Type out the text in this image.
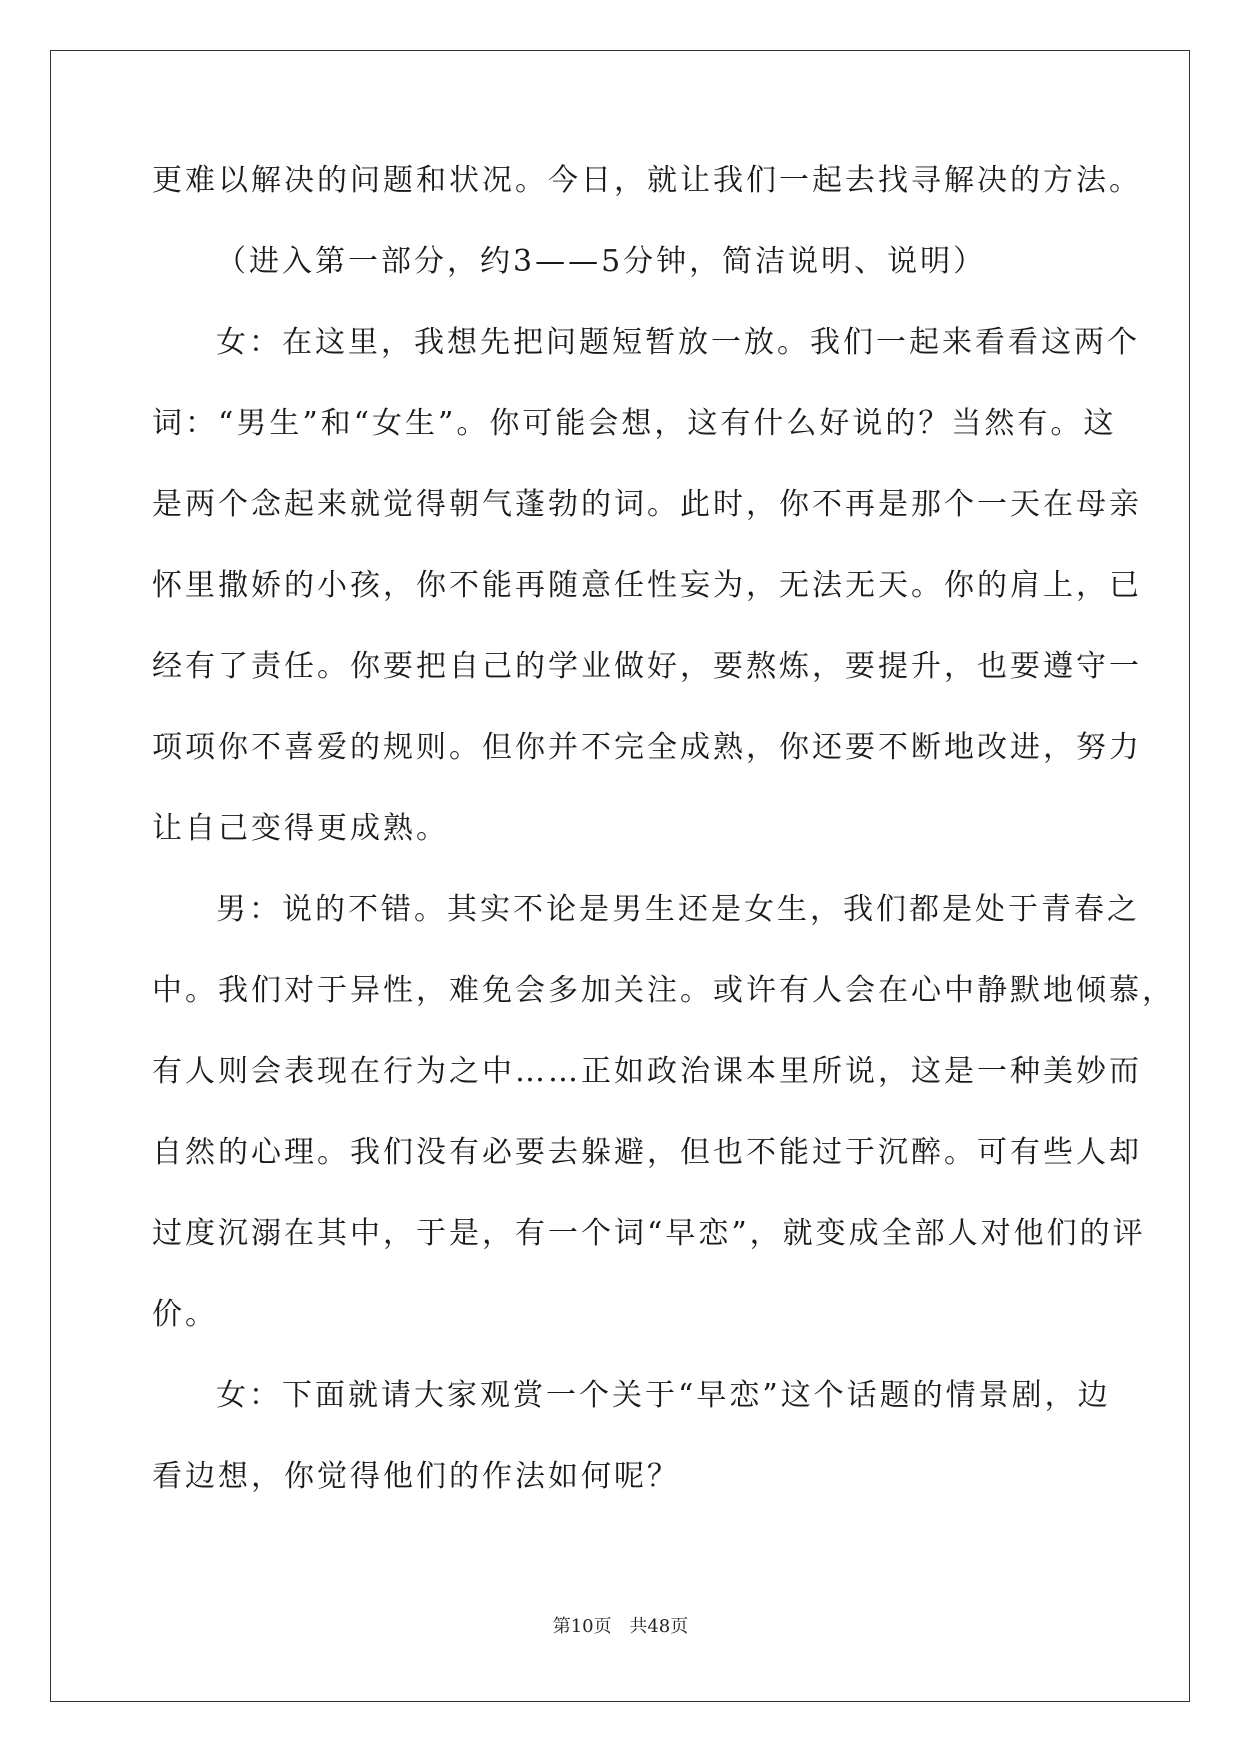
更难以解决的问题和状况。今日，就让我们一起去找寻解决的方法。
（进入第一部分，约3——5分钟，简洁说明、说明）
女：在这里，我想先把问题短暂放一放。我们一起来看看这两个
词：“男生”和“女生”。你可能会想，这有什么好说的？当然有。这
是两个念起来就觉得朝气蓬勃的词。此时，你不再是那个一天在母亲
怀里撒娇的小孩，你不能再随意任性妄为，无法无天。你的肩上，已
经有了责任。你要把自己的学业做好，要熬炼，要提升，也要遵守一
项项你不喜爱的规则。但你并不完全成熟，你还要不断地改进，努力
让自己变得更成熟。
男：说的不错。其实不论是男生还是女生，我们都是处于青春之
中。我们对于异性，难免会多加关注。或许有人会在心中静默地倾慕，
有人则会表现在行为之中……正如政治课本里所说，这是一种美妙而
自然的心理。我们没有必要去躲避，但也不能过于沉醉。可有些人却
过度沉溺在其中，于是，有一个词“早恋”，就变成全部人对他们的评
价。
女：下面就请大家观赏一个关于“早恋”这个话题的情景剧，边
看边想，你觉得他们的作法如何呢？
第10页 共48页
